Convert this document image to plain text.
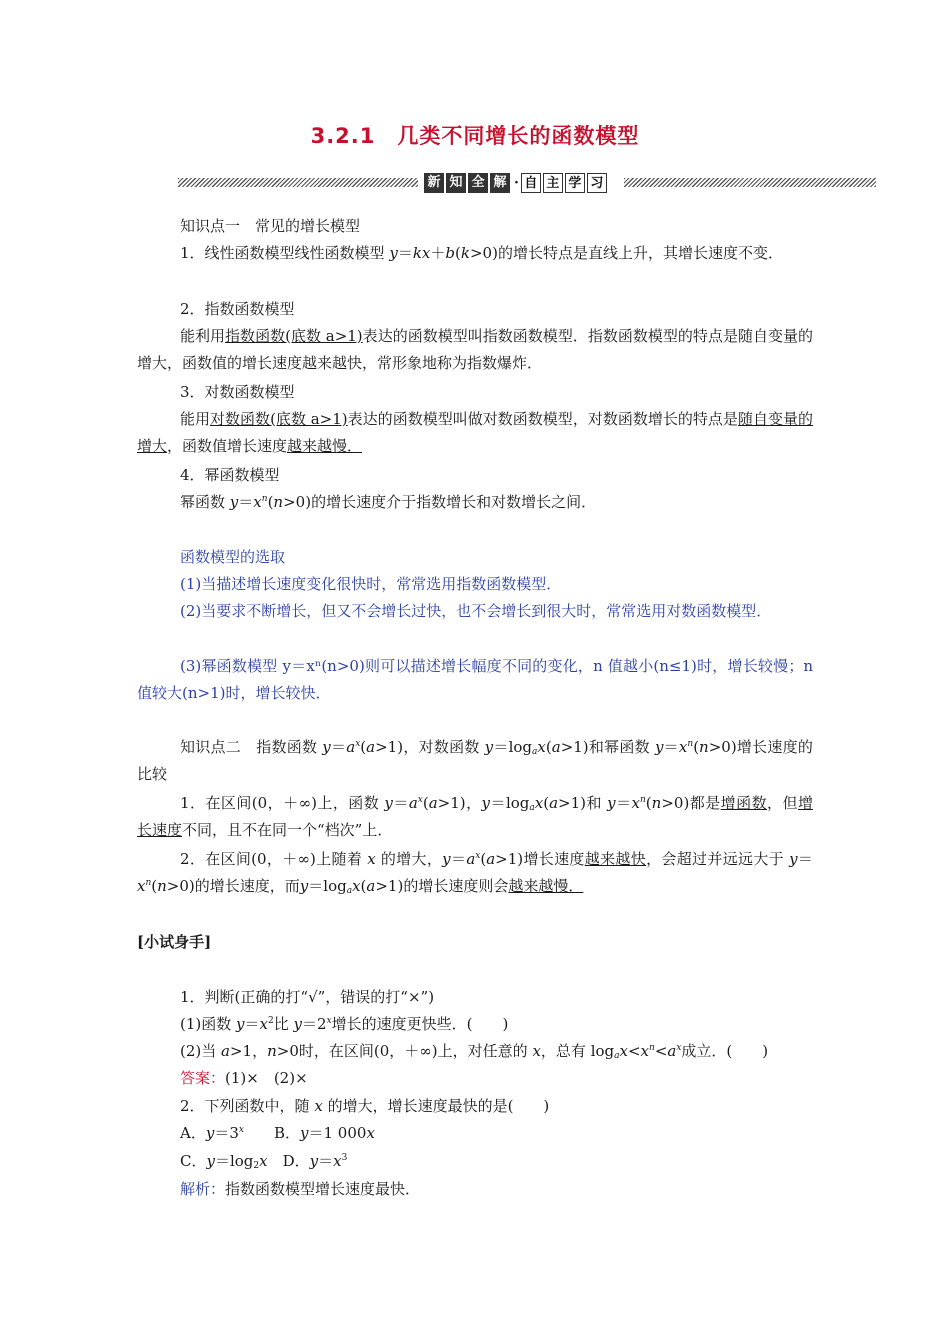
3.2.1　几类不同增长的函数模型
新 知 全 解 · 自 主 学 习
知识点一　常见的增长模型
1．线性函数模型线性函数模型 y＝kx＋b(k>0)的增长特点是直线上升，其增长速度不变．
2．指数函数模型
能利用指数函数(底数 a>1)表达的函数模型叫指数函数模型．指数函数模型的特点是随自变量的增大，函数值的增长速度越来越快，常形象地称为指数爆炸．
3．对数函数模型
能用对数函数(底数 a>1)表达的函数模型叫做对数函数模型，对数函数增长的特点是随自变量的增大，函数值增长速度越来越慢．
4．幂函数模型
幂函数 $y=x^n(n>0)$的增长速度介于指数增长和对数增长之间．
函数模型的选取
(1)当描述增长速度变化很快时，常常选用指数函数模型．
(2)当要求不断增长，但又不会增长过快，也不会增长到很大时，常常选用对数函数模型．
(3)幂函数模型 y＝xⁿ(n>0)则可以描述增长幅度不同的变化，n 值越小(n≤1)时，增长较慢；n 值较大(n>1)时，增长较快．
知识点二　指数函数 $y=a^x(a>1)$，对数函数 $y=\log_ax(a>1)$和幂函数 $y=x^n(n>0)$增长速度的比较
1．在区间(0，＋∞)上，函数 $y=a^x(a>1)$，$y=\log_ax(a>1)$和 $y=x^n(n>0)$都是增函数，但增长速度不同，且不在同一个“档次”上．
2．在区间(0，＋∞)上随着 x 的增大，$y=a^x(a>1)$增长速度越来越快，会超过并远远大于 $y=x^n(n>0)$的增长速度，而$y=\log_ax(a>1)$的增长速度则会越来越慢．
[小试身手]
1．判断(正确的打“√”，错误的打“×”)
(1)函数 $y=x^2$比 $y=2^x$增长的速度更快些．(　　)
(2)当 a>1，n>0时，在区间(0，＋∞)上，对任意的 x，总有 $\log_ax<x^n<a^x$成立．(　　)
答案：(1)×　(2)×
2．下列函数中，随 x 的增大，增长速度最快的是(　　)
A．$y=3^x$　　 B．y＝1 000x
C．$y=\log_2x$　 D．$y=x^3$
解析：指数函数模型增长速度最快．
